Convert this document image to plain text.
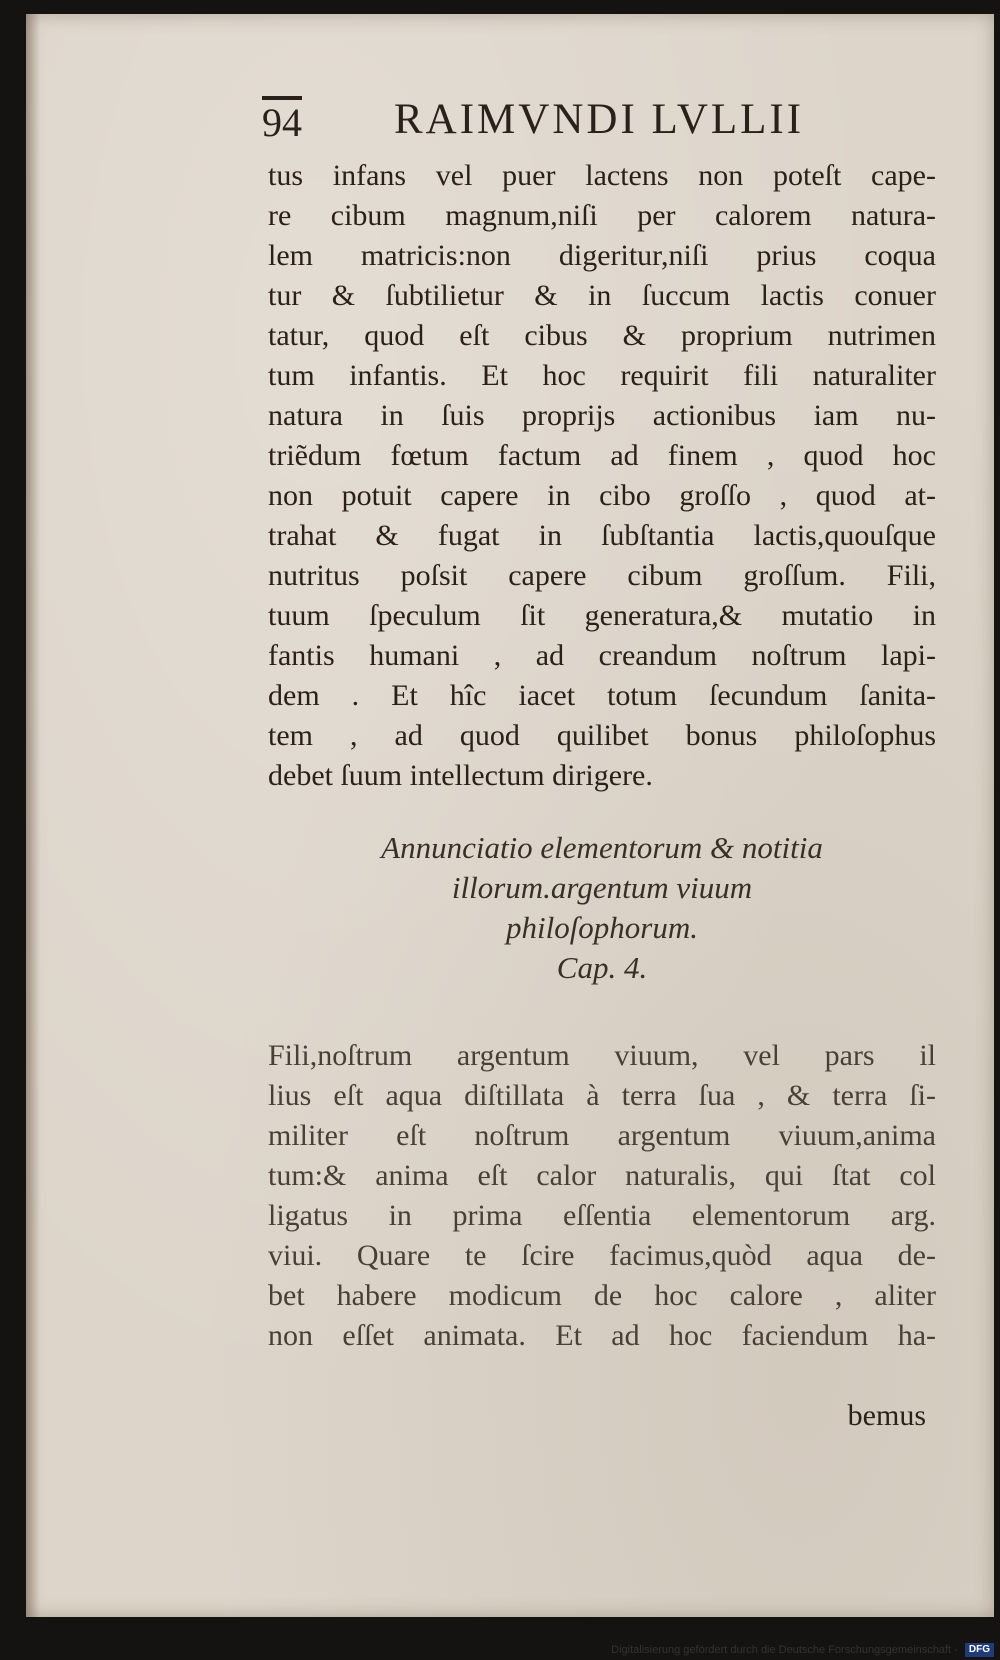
94 RAIMVNDI LVLLII
tus infans vel puer lactens non poteſt cape-
re cibum magnum,niſi per calorem natura-
lem matricis:non digeritur,niſi prius coqua
tur & ſubtilietur & in ſuccum lactis conuer
tatur, quod eſt cibus & proprium nutrimen
tum infantis. Et hoc requirit fili naturaliter
natura in ſuis proprijs actionibus iam nu-
triẽdum fœtum factum ad finem , quod hoc
non potuit capere in cibo groſſo , quod at-
trahat & fugat in ſubſtantia lactis,quouſque
nutritus poſsit capere cibum groſſum. Fili,
tuum ſpeculum ſit generatura,& mutatio in
fantis humani , ad creandum noſtrum lapi-
dem . Et hîc iacet totum ſecundum ſanita-
tem , ad quod quilibet bonus philoſophus
debet ſuum intellectum dirigere.
Annunciatio elementorum & notitia
illorum.argentum viuum
philoſophorum.
Cap. 4.
Fili,noſtrum argentum viuum, vel pars il
lius eſt aqua diſtillata à terra ſua , & terra ſi-
militer eſt noſtrum argentum viuum,anima
tum:& anima eſt calor naturalis, qui ſtat col
ligatus in prima eſſentia elementorum arg.
viui. Quare te ſcire facimus,quòd aqua de-
bet habere modicum de hoc calore , aliter
non eſſet animata. Et ad hoc faciendum ha-
bemus
Digitalisierung gefördert durch die Deutsche Forschungsgemeinschaft - DFG
